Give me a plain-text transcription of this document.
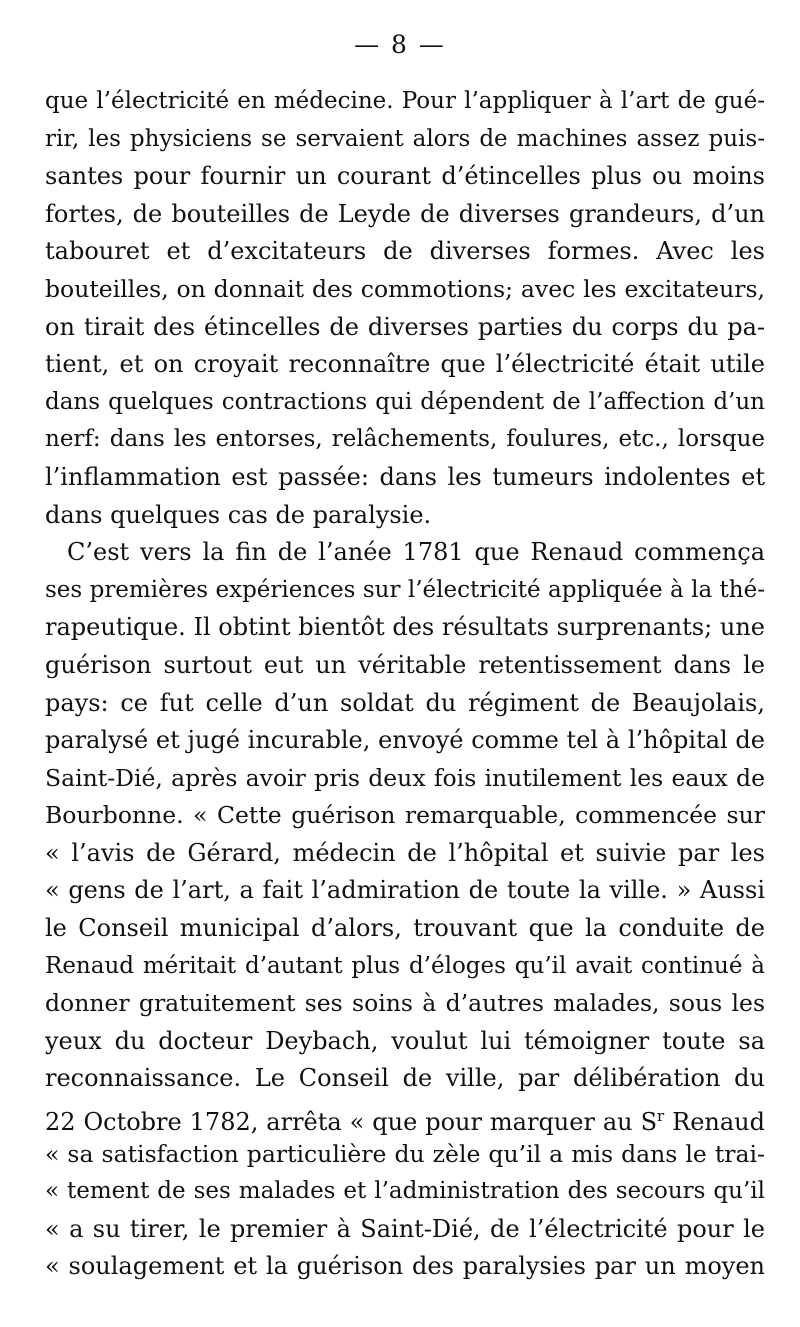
— 8 —
que l’électricité en médecine. Pour l’appliquer à l’art de gué-
rir, les physiciens se servaient alors de machines assez puis-
santes pour fournir un courant d’étincelles plus ou moins
fortes, de bouteilles de Leyde de diverses grandeurs, d’un
tabouret et d’excitateurs de diverses formes. Avec les
bouteilles, on donnait des commotions; avec les excitateurs,
on tirait des étincelles de diverses parties du corps du pa-
tient, et on croyait reconnaître que l’électricité était utile
dans quelques contractions qui dépendent de l’affection d’un
nerf: dans les entorses, relâchements, foulures, etc., lorsque
l’inflammation est passée: dans les tumeurs indolentes et
dans quelques cas de paralysie.
C’est vers la fin de l’anée 1781 que Renaud commença
ses premières expériences sur l’électricité appliquée à la thé-
rapeutique. Il obtint bientôt des résultats surprenants; une
guérison surtout eut un véritable retentissement dans le
pays: ce fut celle d’un soldat du régiment de Beaujolais,
paralysé et jugé incurable, envoyé comme tel à l’hôpital de
Saint-Dié, après avoir pris deux fois inutilement les eaux de
Bourbonne. « Cette guérison remarquable, commencée sur
« l’avis de Gérard, médecin de l’hôpital et suivie par les
« gens de l’art, a fait l’admiration de toute la ville. » Aussi
le Conseil municipal d’alors, trouvant que la conduite de
Renaud méritait d’autant plus d’éloges qu’il avait continué à
donner gratuitement ses soins à d’autres malades, sous les
yeux du docteur Deybach, voulut lui témoigner toute sa
reconnaissance. Le Conseil de ville, par délibération du
22 Octobre 1782, arrêta « que pour marquer au $S^r$ Renaud
« sa satisfaction particulière du zèle qu’il a mis dans le trai-
« tement de ses malades et l’administration des secours qu’il
« a su tirer, le premier à Saint-Dié, de l’électricité pour le
« soulagement et la guérison des paralysies par un moyen
